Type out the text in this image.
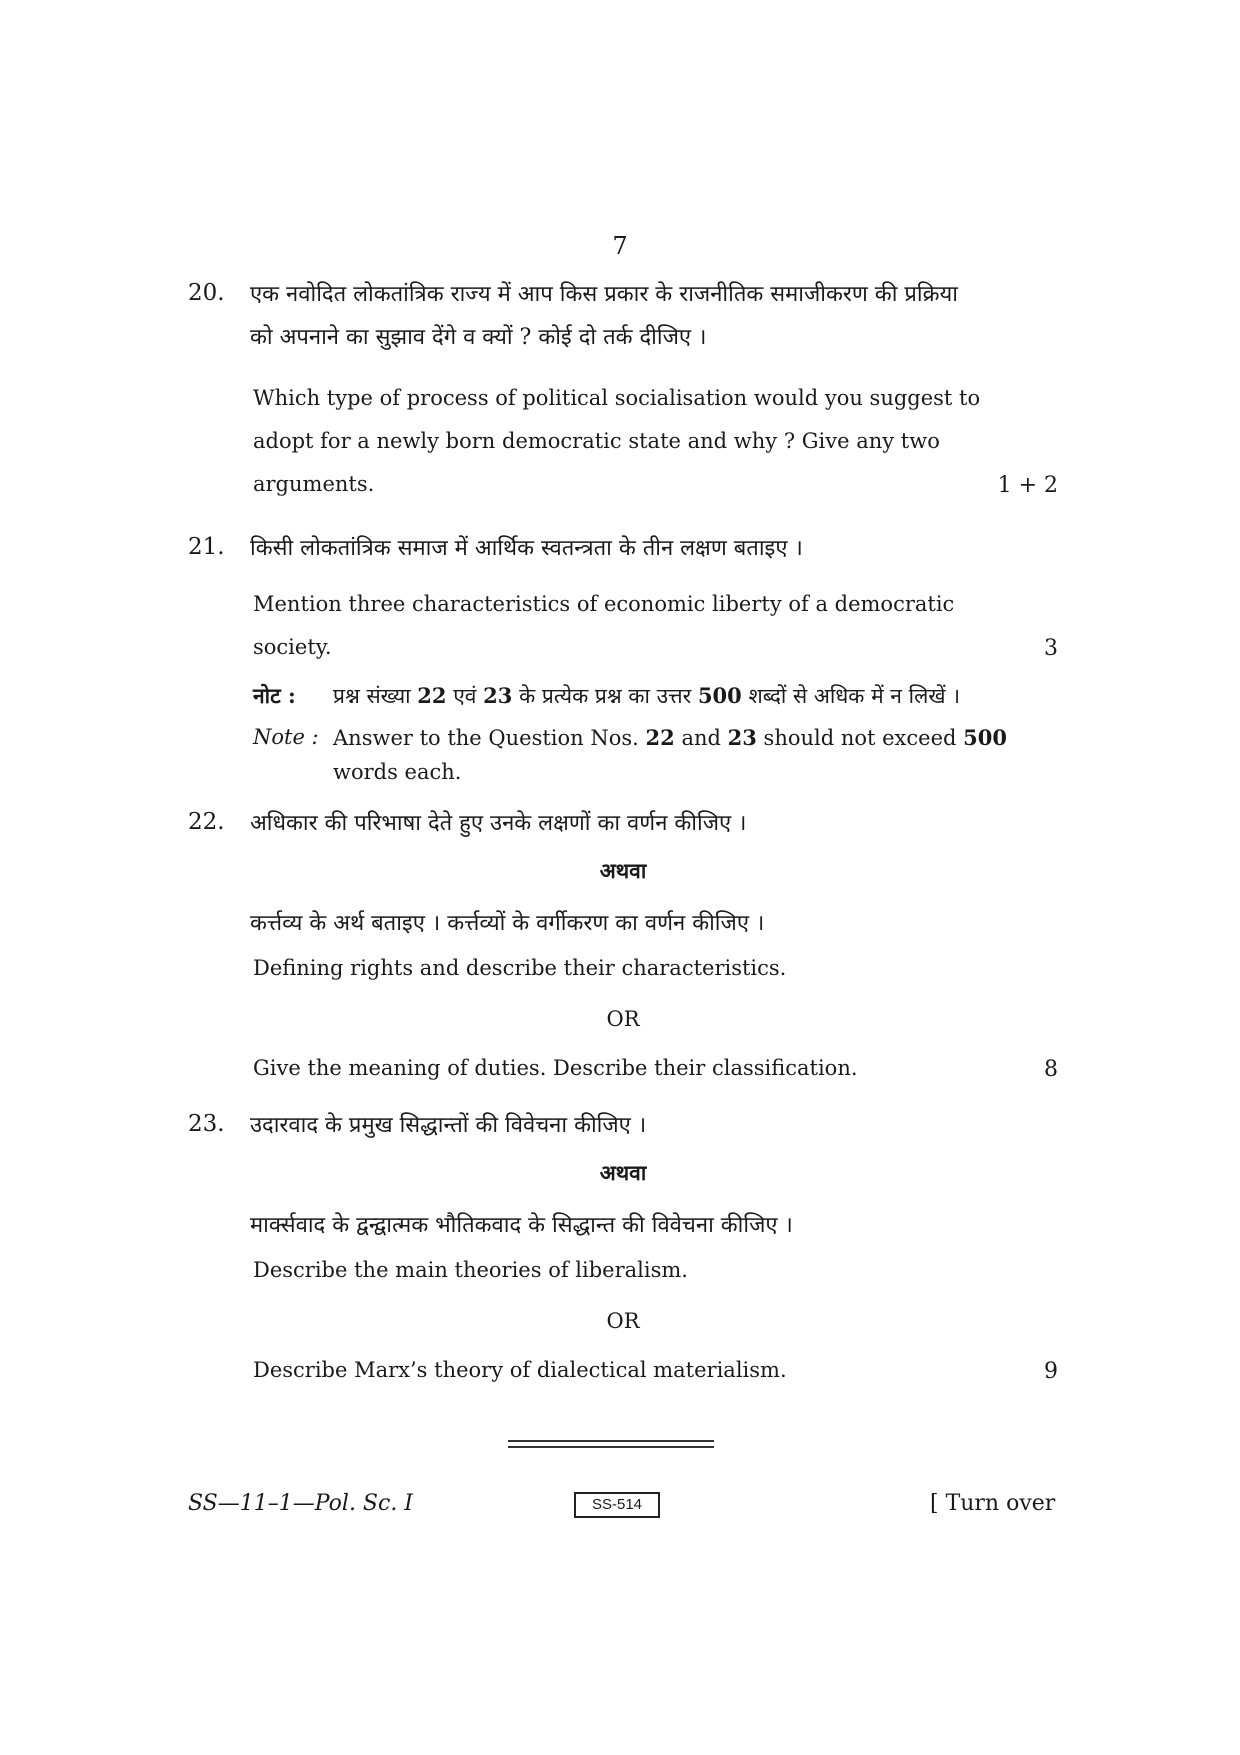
7
20. एक नवोदित लोकतांत्रिक राज्य में आप किस प्रकार के राजनीतिक समाजीकरण की प्रक्रिया
को अपनाने का सुझाव देंगे व क्यों ? कोई दो तर्क दीजिए ।
Which type of process of political socialisation would you suggest to
adopt for a newly born democratic state and why ? Give any two
arguments.	1 + 2
21. किसी लोकतांत्रिक समाज में आर्थिक स्वतन्त्रता के तीन लक्षण बताइए ।
Mention three characteristics of economic liberty of a democratic
society.	3
नोट : प्रश्न संख्या 22 एवं 23 के प्रत्येक प्रश्न का उत्तर 500 शब्दों से अधिक में न लिखें ।
Note : Answer to the Question Nos. 22 and 23 should not exceed 500 words each.
22. अधिकार की परिभाषा देते हुए उनके लक्षणों का वर्णन कीजिए ।
अथवा
कर्त्तव्य के अर्थ बताइए । कर्त्तव्यों के वर्गीकरण का वर्णन कीजिए ।
Defining rights and describe their characteristics.
OR
Give the meaning of duties. Describe their classification.	8
23. उदारवाद के प्रमुख सिद्धान्तों की विवेचना कीजिए ।
अथवा
मार्क्सवाद के द्वन्द्वात्मक भौतिकवाद के सिद्धान्त की विवेचना कीजिए ।
Describe the main theories of liberalism.
OR
Describe Marx’s theory of dialectical materialism.	9
SS—11–1—Pol. Sc. I	SS-514	[ Turn over
